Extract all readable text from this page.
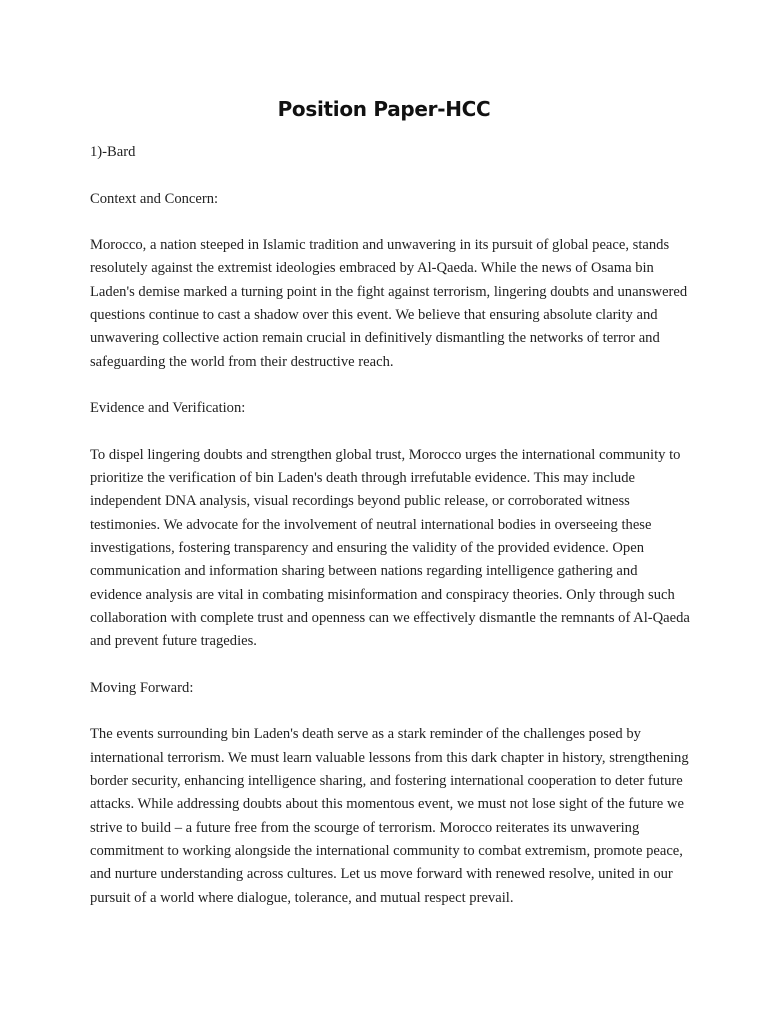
Position Paper-HCC

1)-Bard

Context and Concern:

Morocco, a nation steeped in Islamic tradition and unwavering in its pursuit of global peace, stands resolutely against the extremist ideologies embraced by Al-Qaeda. While the news of Osama bin Laden's demise marked a turning point in the fight against terrorism, lingering doubts and unanswered questions continue to cast a shadow over this event. We believe that ensuring absolute clarity and unwavering collective action remain crucial in definitively dismantling the networks of terror and safeguarding the world from their destructive reach.

Evidence and Verification:

To dispel lingering doubts and strengthen global trust, Morocco urges the international community to prioritize the verification of bin Laden's death through irrefutable evidence. This may include independent DNA analysis, visual recordings beyond public release, or corroborated witness testimonies. We advocate for the involvement of neutral international bodies in overseeing these investigations, fostering transparency and ensuring the validity of the provided evidence. Open communication and information sharing between nations regarding intelligence gathering and evidence analysis are vital in combating misinformation and conspiracy theories. Only through such collaboration with complete trust and openness can we effectively dismantle the remnants of Al-Qaeda and prevent future tragedies.

Moving Forward:

The events surrounding bin Laden's death serve as a stark reminder of the challenges posed by international terrorism. We must learn valuable lessons from this dark chapter in history, strengthening border security, enhancing intelligence sharing, and fostering international cooperation to deter future attacks. While addressing doubts about this momentous event, we must not lose sight of the future we strive to build – a future free from the scourge of terrorism. Morocco reiterates its unwavering commitment to working alongside the international community to combat extremism, promote peace, and nurture understanding across cultures. Let us move forward with renewed resolve, united in our pursuit of a world where dialogue, tolerance, and mutual respect prevail.
